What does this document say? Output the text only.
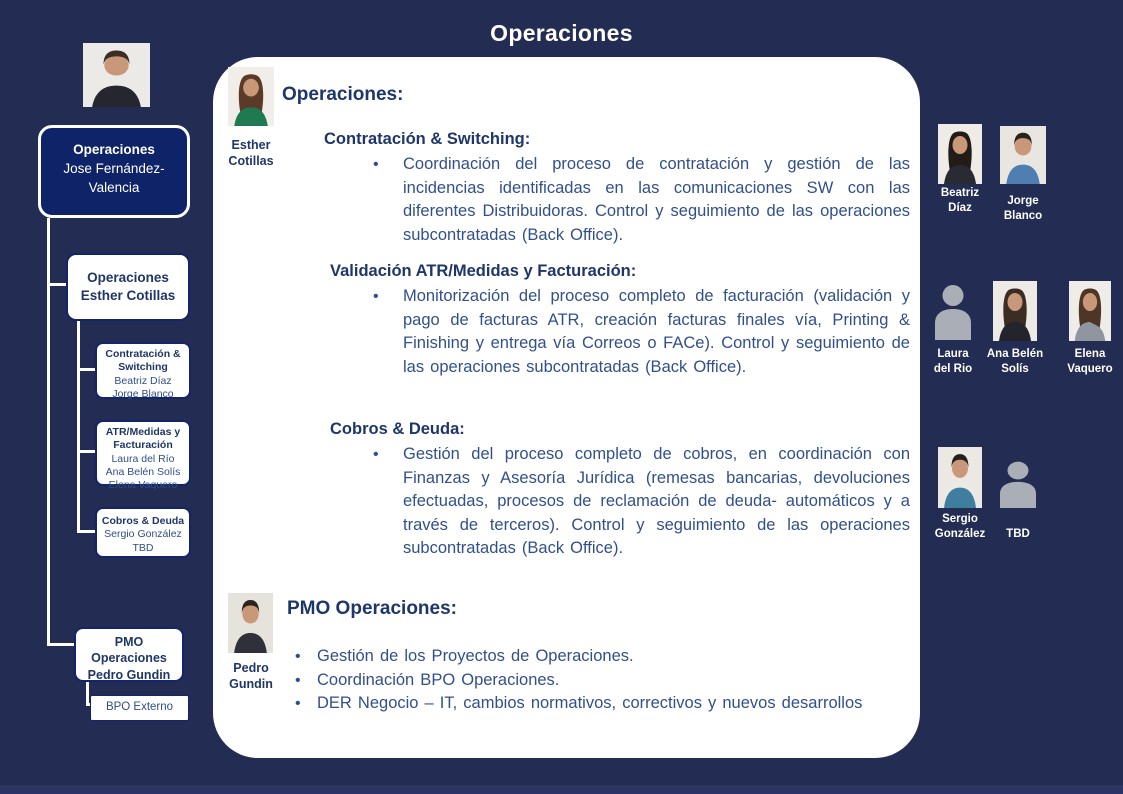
Operaciones
Operaciones
Jose Fernández-
Valencia
Operaciones
Esther Cotillas
Contratación &
Switching
Beatriz Díaz
Jorge Blanco
ATR/Medidas y
Facturación
Laura del Río
Ana Belén Solís
Elena Vaquero
Cobros & Deuda
Sergio González
TBD
PMO
Operaciones
Pedro Gundin
BPO Externo
Esther
Cotillas
Operaciones:
Contratación & Switching:
•	Coordinación del proceso de contratación y gestión de las incidencias identificadas en las comunicaciones SW con las diferentes Distribuidoras. Control y seguimiento de las operaciones subcontratadas (Back Office).
Validación ATR/Medidas y Facturación:
•	Monitorización del proceso completo de facturación (validación y pago de facturas ATR, creación facturas finales vía, Printing & Finishing y entrega vía Correos o FACe). Control y seguimiento de las operaciones subcontratadas (Back Office).
Cobros & Deuda:
•	Gestión del proceso completo de cobros, en coordinación con Finanzas y Asesoría Jurídica (remesas bancarias, devoluciones efectuadas, procesos de reclamación de deuda- automáticos y a través de terceros). Control y seguimiento de las operaciones subcontratadas (Back Office).
Pedro
Gundin
PMO Operaciones:
• Gestión de los Proyectos de Operaciones.
• Coordinación BPO Operaciones.
• DER Negocio – IT, cambios normativos, correctivos y nuevos desarrollos
Beatriz
Díaz
Jorge
Blanco
Laura
del Rio
Ana Belén
Solís
Elena
Vaquero
Sergio
González	TBD
